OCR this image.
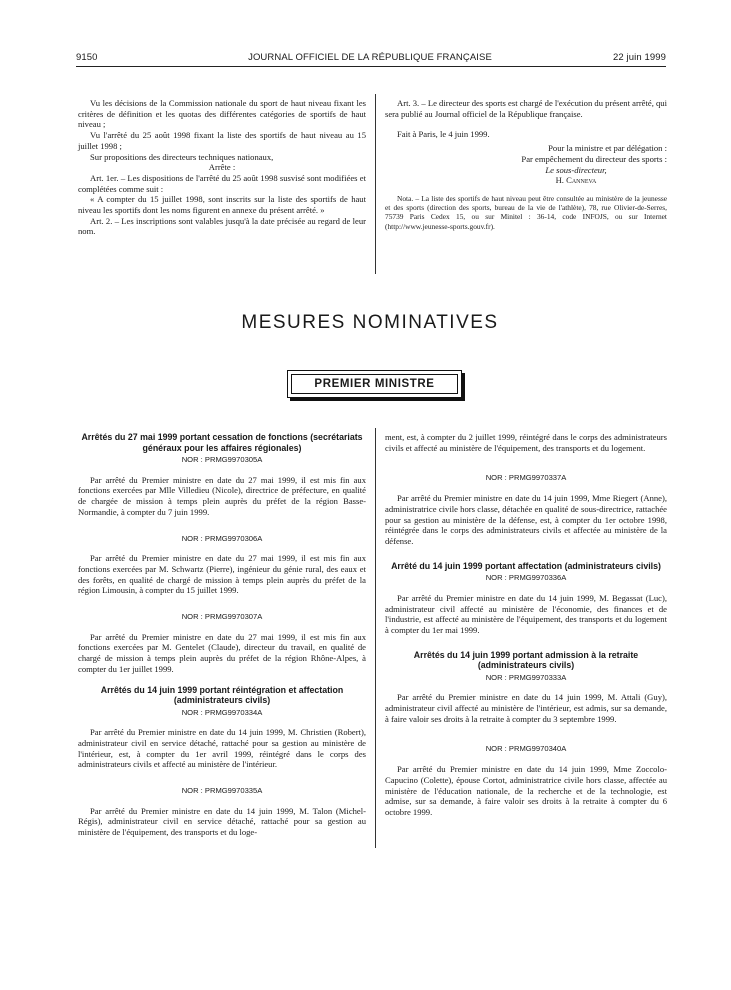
9150	JOURNAL OFFICIEL DE LA RÉPUBLIQUE FRANÇAISE	22 juin 1999

Vu les décisions de la Commission nationale du sport de haut niveau fixant les critères de définition et les quotas des différentes catégories de sportifs de haut niveau ;

Vu l'arrêté du 25 août 1998 fixant la liste des sportifs de haut niveau au 15 juillet 1998 ;

Sur propositions des directeurs techniques nationaux,

Arrête :

Art. 1er. – Les dispositions de l'arrêté du 25 août 1998 susvisé sont modifiées et complétées comme suit :

« A compter du 15 juillet 1998, sont inscrits sur la liste des sportifs de haut niveau les sportifs dont les noms figurent en annexe du présent arrêté. »

Art. 2. – Les inscriptions sont valables jusqu'à la date précisée au regard de leur nom.

Art. 3. – Le directeur des sports est chargé de l'exécution du présent arrêté, qui sera publié au Journal officiel de la République française.

Fait à Paris, le 4 juin 1999.

Pour la ministre et par délégation :

Par empêchement du directeur des sports :

Le sous-directeur,

H. Canneva

Nota. – La liste des sportifs de haut niveau peut être consultée au ministère de la jeunesse et des sports (direction des sports, bureau de la vie de l'athlète), 78, rue Olivier-de-Serres, 75739 Paris Cedex 15, ou sur Minitel : 36-14, code INFOJS, ou sur Internet (http://www.jeunesse-sports.gouv.fr).

MESURES NOMINATIVES
PREMIER MINISTRE
Arrêtés du 27 mai 1999 portant cessation de fonctions (secrétariats généraux pour les affaires régionales)
NOR : PRMG9970305A

Par arrêté du Premier ministre en date du 27 mai 1999, il est mis fin aux fonctions exercées par Mlle Villedieu (Nicole), directrice de préfecture, en qualité de chargée de mission à temps plein auprès du préfet de la région Basse-Normandie, à compter du 7 juin 1999.

NOR : PRMG9970306A

Par arrêté du Premier ministre en date du 27 mai 1999, il est mis fin aux fonctions exercées par M. Schwartz (Pierre), ingénieur du génie rural, des eaux et des forêts, en qualité de chargé de mission à temps plein auprès du préfet de la région Limousin, à compter du 15 juillet 1999.

NOR : PRMG9970307A

Par arrêté du Premier ministre en date du 27 mai 1999, il est mis fin aux fonctions exercées par M. Gentelet (Claude), directeur du travail, en qualité de chargé de mission à temps plein auprès du préfet de la région Rhône-Alpes, à compter du 1er juillet 1999.

Arrêtés du 14 juin 1999 portant réintégration et affectation (administrateurs civils)
NOR : PRMG9970334A

Par arrêté du Premier ministre en date du 14 juin 1999, M. Christien (Robert), administrateur civil en service détaché, rattaché pour sa gestion au ministère de l'intérieur, est, à compter du 1er avril 1999, réintégré dans le corps des administrateurs civils et affecté au ministère de l'intérieur.

NOR : PRMG9970335A

Par arrêté du Premier ministre en date du 14 juin 1999, M. Talon (Michel-Régis), administrateur civil en service détaché, rattaché pour sa gestion au ministère de l'équipement, des transports et du loge-

ment, est, à compter du 2 juillet 1999, réintégré dans le corps des administrateurs civils et affecté au ministère de l'équipement, des transports et du logement.

NOR : PRMG9970337A

Par arrêté du Premier ministre en date du 14 juin 1999, Mme Riegert (Anne), administratrice civile hors classe, détachée en qualité de sous-directrice, rattachée pour sa gestion au ministère de la défense, est, à compter du 1er octobre 1998, réintégrée dans le corps des administrateurs civils et affectée au ministère de la défense.

Arrêté du 14 juin 1999 portant affectation (administrateurs civils)
NOR : PRMG9970336A

Par arrêté du Premier ministre en date du 14 juin 1999, M. Begassat (Luc), administrateur civil affecté au ministère de l'économie, des finances et de l'industrie, est affecté au ministère de l'équipement, des transports et du logement à compter du 1er mai 1999.

Arrêtés du 14 juin 1999 portant admission à la retraite (administrateurs civils)
NOR : PRMG9970333A

Par arrêté du Premier ministre en date du 14 juin 1999, M. Attali (Guy), administrateur civil affecté au ministère de l'intérieur, est admis, sur sa demande, à faire valoir ses droits à la retraite à compter du 3 septembre 1999.

NOR : PRMG9970340A

Par arrêté du Premier ministre en date du 14 juin 1999, Mme Zoccolo-Capucino (Colette), épouse Cortot, administratrice civile hors classe, affectée au ministère de l'éducation nationale, de la recherche et de la technologie, est admise, sur sa demande, à faire valoir ses droits à la retraite à compter du 6 octobre 1999.
